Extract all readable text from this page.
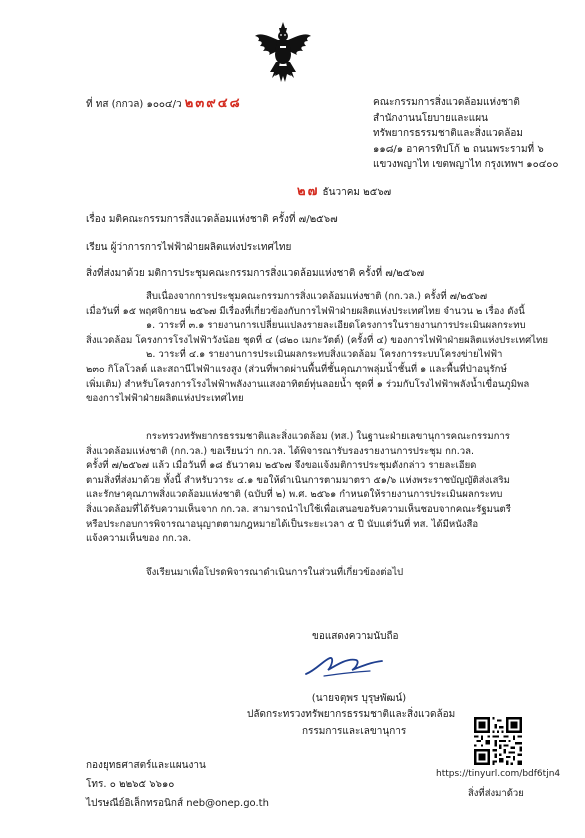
ที่ ทส (กกวล) ๑๐๐๔/ว ๒๓๙๔๘	คณะกรรมการสิ่งแวดล้อมแห่งชาติ
สำนักงานนโยบายและแผน
ทรัพยากรธรรมชาติและสิ่งแวดล้อม
๑๑๘/๑ อาคารทิปโก้ ๒ ถนนพระรามที่ ๖
แขวงพญาไท เขตพญาไท กรุงเทพฯ ๑๐๔๐๐
๒๗ ธันวาคม ๒๕๖๗
เรื่อง มติคณะกรรมการสิ่งแวดล้อมแห่งชาติ ครั้งที่ ๗/๒๕๖๗
เรียน ผู้ว่าการการไฟฟ้าฝ่ายผลิตแห่งประเทศไทย
สิ่งที่ส่งมาด้วย มติการประชุมคณะกรรมการสิ่งแวดล้อมแห่งชาติ ครั้งที่ ๗/๒๕๖๗
สืบเนื่องจากการประชุมคณะกรรมการสิ่งแวดล้อมแห่งชาติ (กก.วล.) ครั้งที่ ๗/๒๕๖๗
เมื่อวันที่ ๑๕ พฤศจิกายน ๒๕๖๗ มีเรื่องที่เกี่ยวข้องกับการไฟฟ้าฝ่ายผลิตแห่งประเทศไทย จำนวน ๒ เรื่อง ดังนี้
๑. วาระที่ ๓.๑ รายงานการเปลี่ยนแปลงรายละเอียดโครงการในรายงานการประเมินผลกระทบ
สิ่งแวดล้อม โครงการโรงไฟฟ้าวังน้อย ชุดที่ ๔ (๘๒๐ เมกะวัตต์) (ครั้งที่ ๔) ของการไฟฟ้าฝ่ายผลิตแห่งประเทศไทย
๒. วาระที่ ๔.๑ รายงานการประเมินผลกระทบสิ่งแวดล้อม โครงการระบบโครงข่ายไฟฟ้า
๒๓๐ กิโลโวลต์ และสถานีไฟฟ้าแรงสูง (ส่วนที่พาดผ่านพื้นที่ชั้นคุณภาพลุ่มน้ำชั้นที่ ๑ และพื้นที่ป่าอนุรักษ์
เพิ่มเติม) สำหรับโครงการโรงไฟฟ้าพลังงานแสงอาทิตย์ทุ่นลอยน้ำ ชุดที่ ๑ ร่วมกับโรงไฟฟ้าพลังน้ำเขื่อนภูมิพล
ของการไฟฟ้าฝ่ายผลิตแห่งประเทศไทย
กระทรวงทรัพยากรธรรมชาติและสิ่งแวดล้อม (ทส.) ในฐานะฝ่ายเลขานุการคณะกรรมการ
สิ่งแวดล้อมแห่งชาติ (กก.วล.) ขอเรียนว่า กก.วล. ได้พิจารณารับรองรายงานการประชุม กก.วล.
ครั้งที่ ๗/๒๕๖๗ แล้ว เมื่อวันที่ ๑๘ ธันวาคม ๒๕๖๗ จึงขอแจ้งมติการประชุมดังกล่าว รายละเอียด
ตามสิ่งที่ส่งมาด้วย ทั้งนี้ สำหรับวาระ ๔.๑ ขอให้ดำเนินการตามมาตรา ๕๑/๖ แห่งพระราชบัญญัติส่งเสริม
และรักษาคุณภาพสิ่งแวดล้อมแห่งชาติ (ฉบับที่ ๒) พ.ศ. ๒๕๖๑ กำหนดให้รายงานการประเมินผลกระทบ
สิ่งแวดล้อมที่ได้รับความเห็นจาก กก.วล. สามารถนำไปใช้เพื่อเสนอขอรับความเห็นชอบจากคณะรัฐมนตรี
หรือประกอบการพิจารณาอนุญาตตามกฎหมายได้เป็นระยะเวลา ๕ ปี นับแต่วันที่ ทส. ได้มีหนังสือ
แจ้งความเห็นของ กก.วล.
จึงเรียนมาเพื่อโปรดพิจารณาดำเนินการในส่วนที่เกี่ยวข้องต่อไป
ขอแสดงความนับถือ
(นายจตุพร บุรุษพัฒน์)
ปลัดกระทรวงทรัพยากรธรรมชาติและสิ่งแวดล้อม
กรรมการและเลขานุการ
https://tinyurl.com/bdf6tjn4
สิ่งที่ส่งมาด้วย
กองยุทธศาสตร์และแผนงาน
โทร. ๐ ๒๒๖๕ ๖๖๑๐
ไปรษณีย์อิเล็กทรอนิกส์ neb@onep.go.th
